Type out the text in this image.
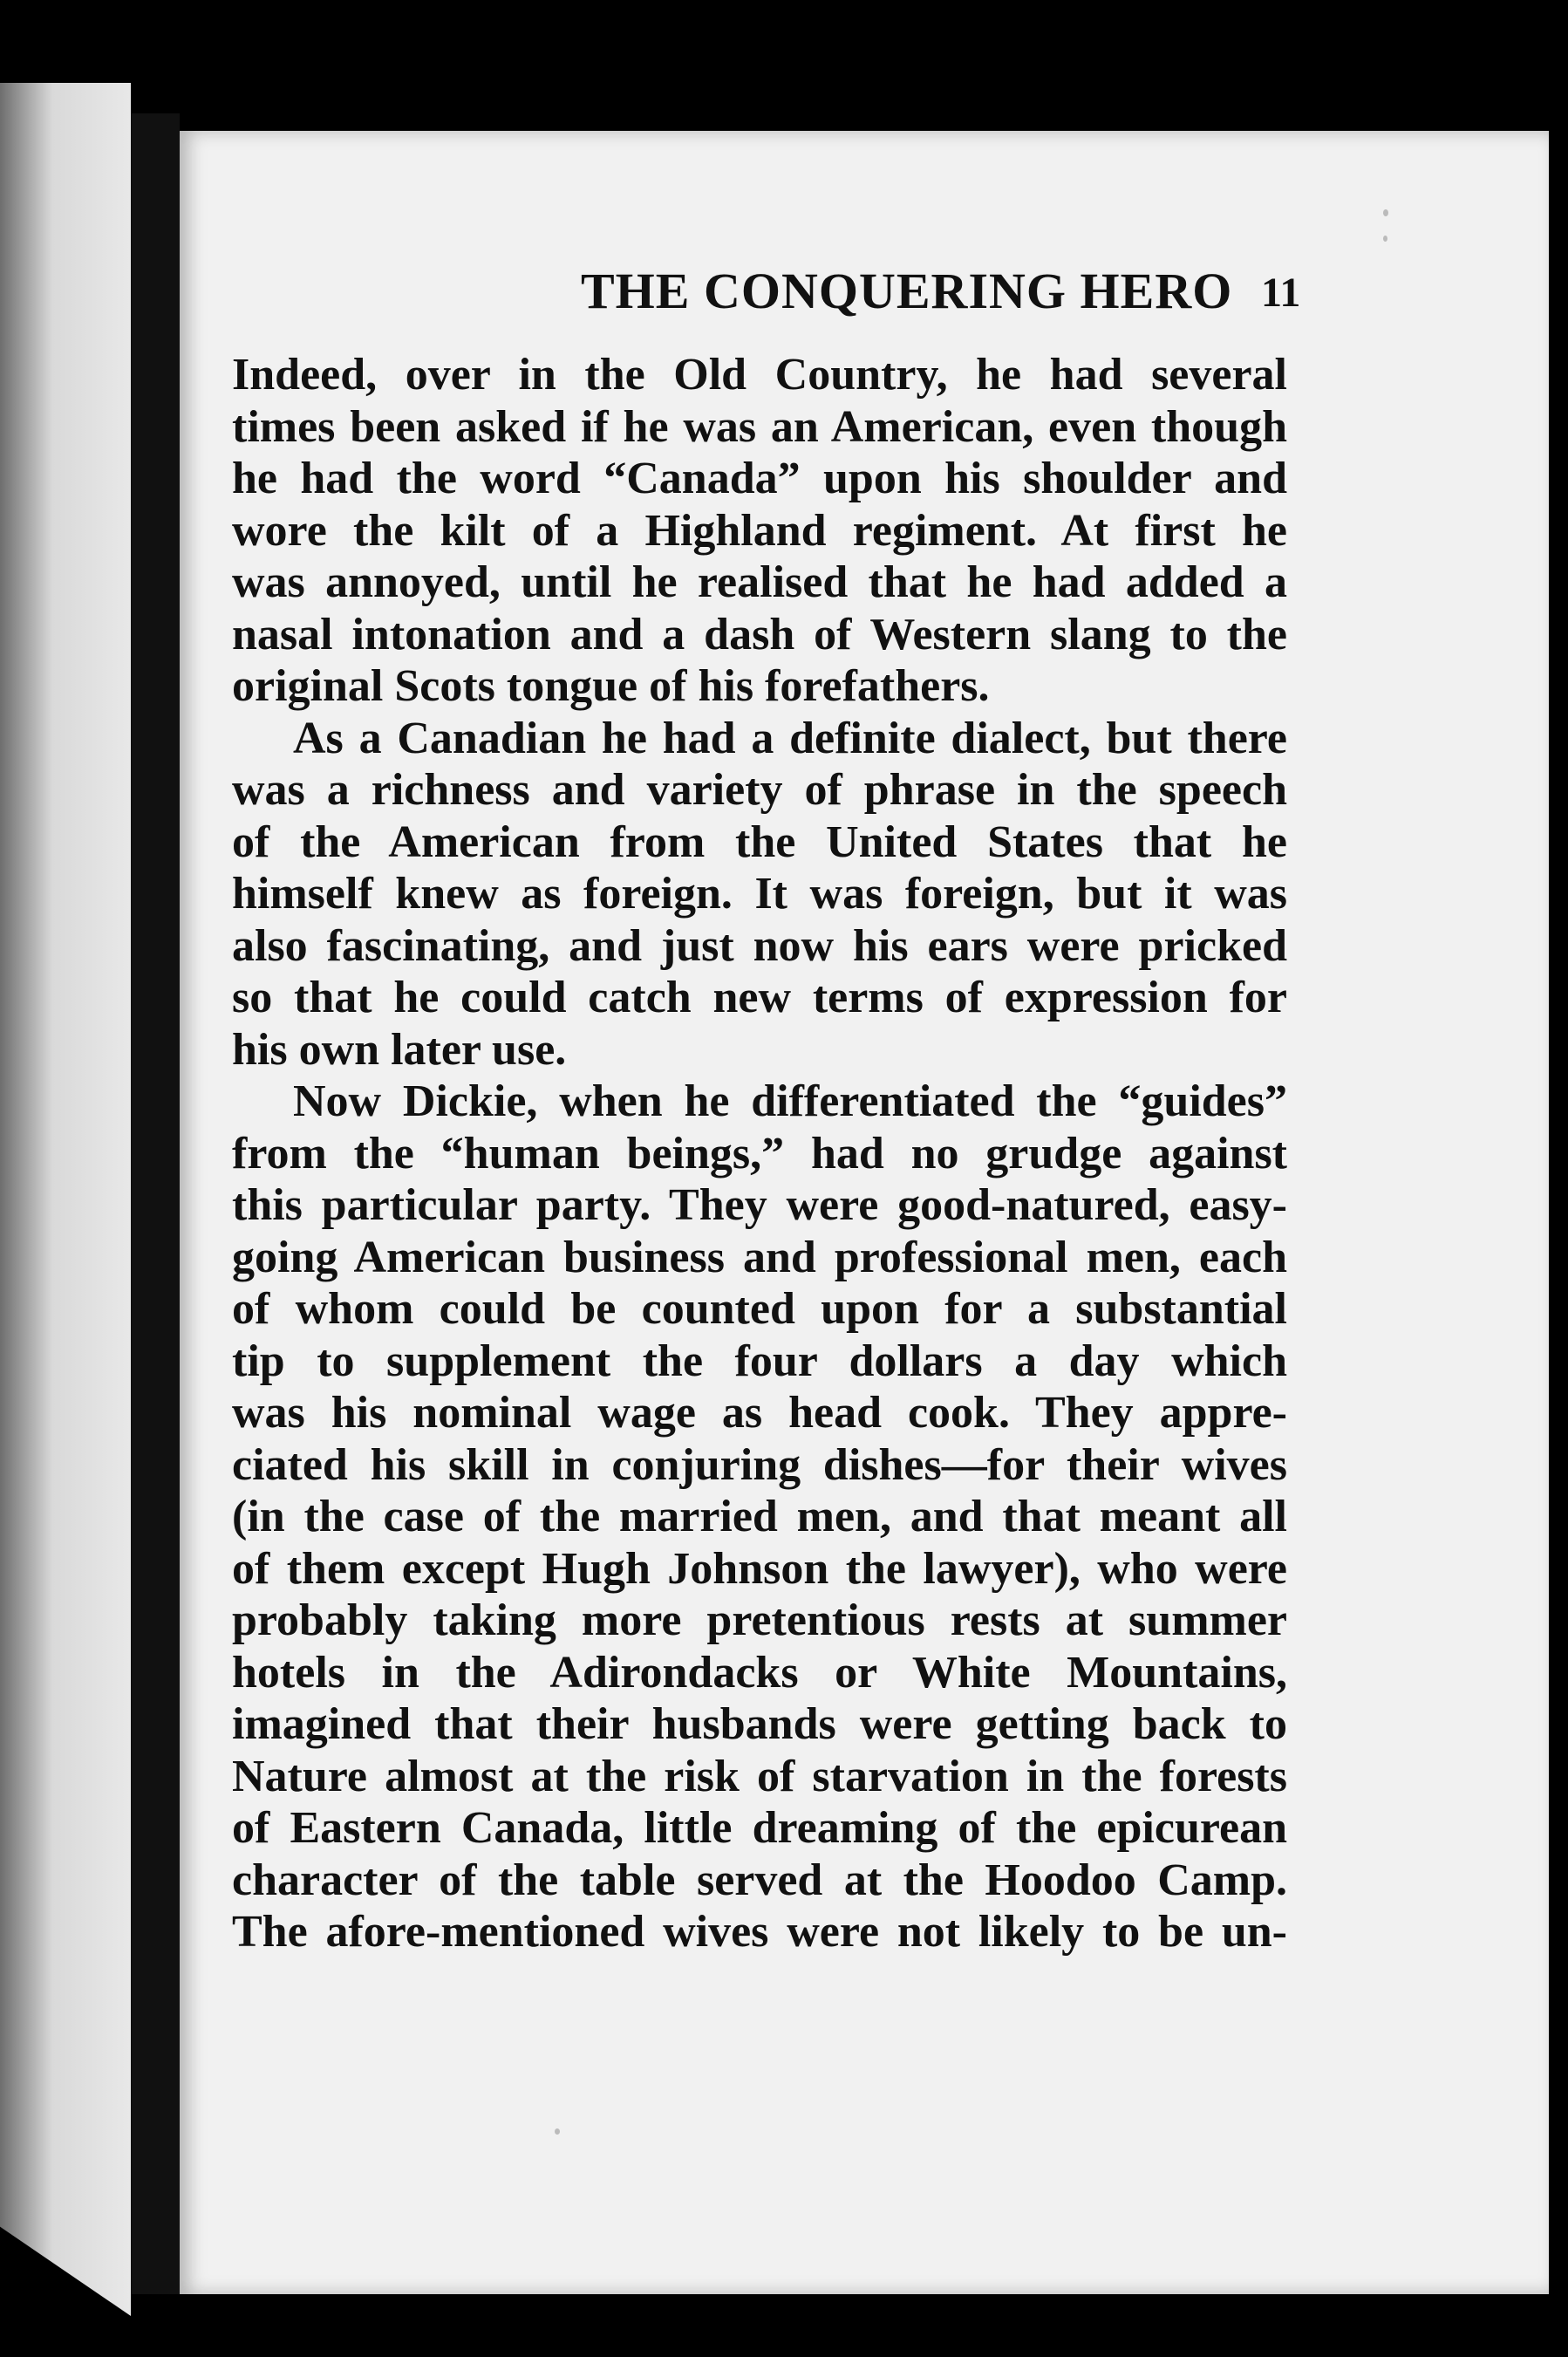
THE CONQUERING HERO 11
Indeed, over in the Old Country, he had several
times been asked if he was an American, even though
he had the word “Canada” upon his shoulder and
wore the kilt of a Highland regiment. At first he
was annoyed, until he realised that he had added a
nasal intonation and a dash of Western slang to the
original Scots tongue of his forefathers.
As a Canadian he had a definite dialect, but there
was a richness and variety of phrase in the speech
of the American from the United States that he
himself knew as foreign. It was foreign, but it was
also fascinating, and just now his ears were pricked
so that he could catch new terms of expression for
his own later use.
Now Dickie, when he differentiated the “guides”
from the “human beings,” had no grudge against
this particular party. They were good-natured, easy-
going American business and professional men, each
of whom could be counted upon for a substantial
tip to supplement the four dollars a day which
was his nominal wage as head cook. They appre-
ciated his skill in conjuring dishes—for their wives
(in the case of the married men, and that meant all
of them except Hugh Johnson the lawyer), who were
probably taking more pretentious rests at summer
hotels in the Adirondacks or White Mountains,
imagined that their husbands were getting back to
Nature almost at the risk of starvation in the forests
of Eastern Canada, little dreaming of the epicurean
character of the table served at the Hoodoo Camp.
The afore-mentioned wives were not likely to be un-
